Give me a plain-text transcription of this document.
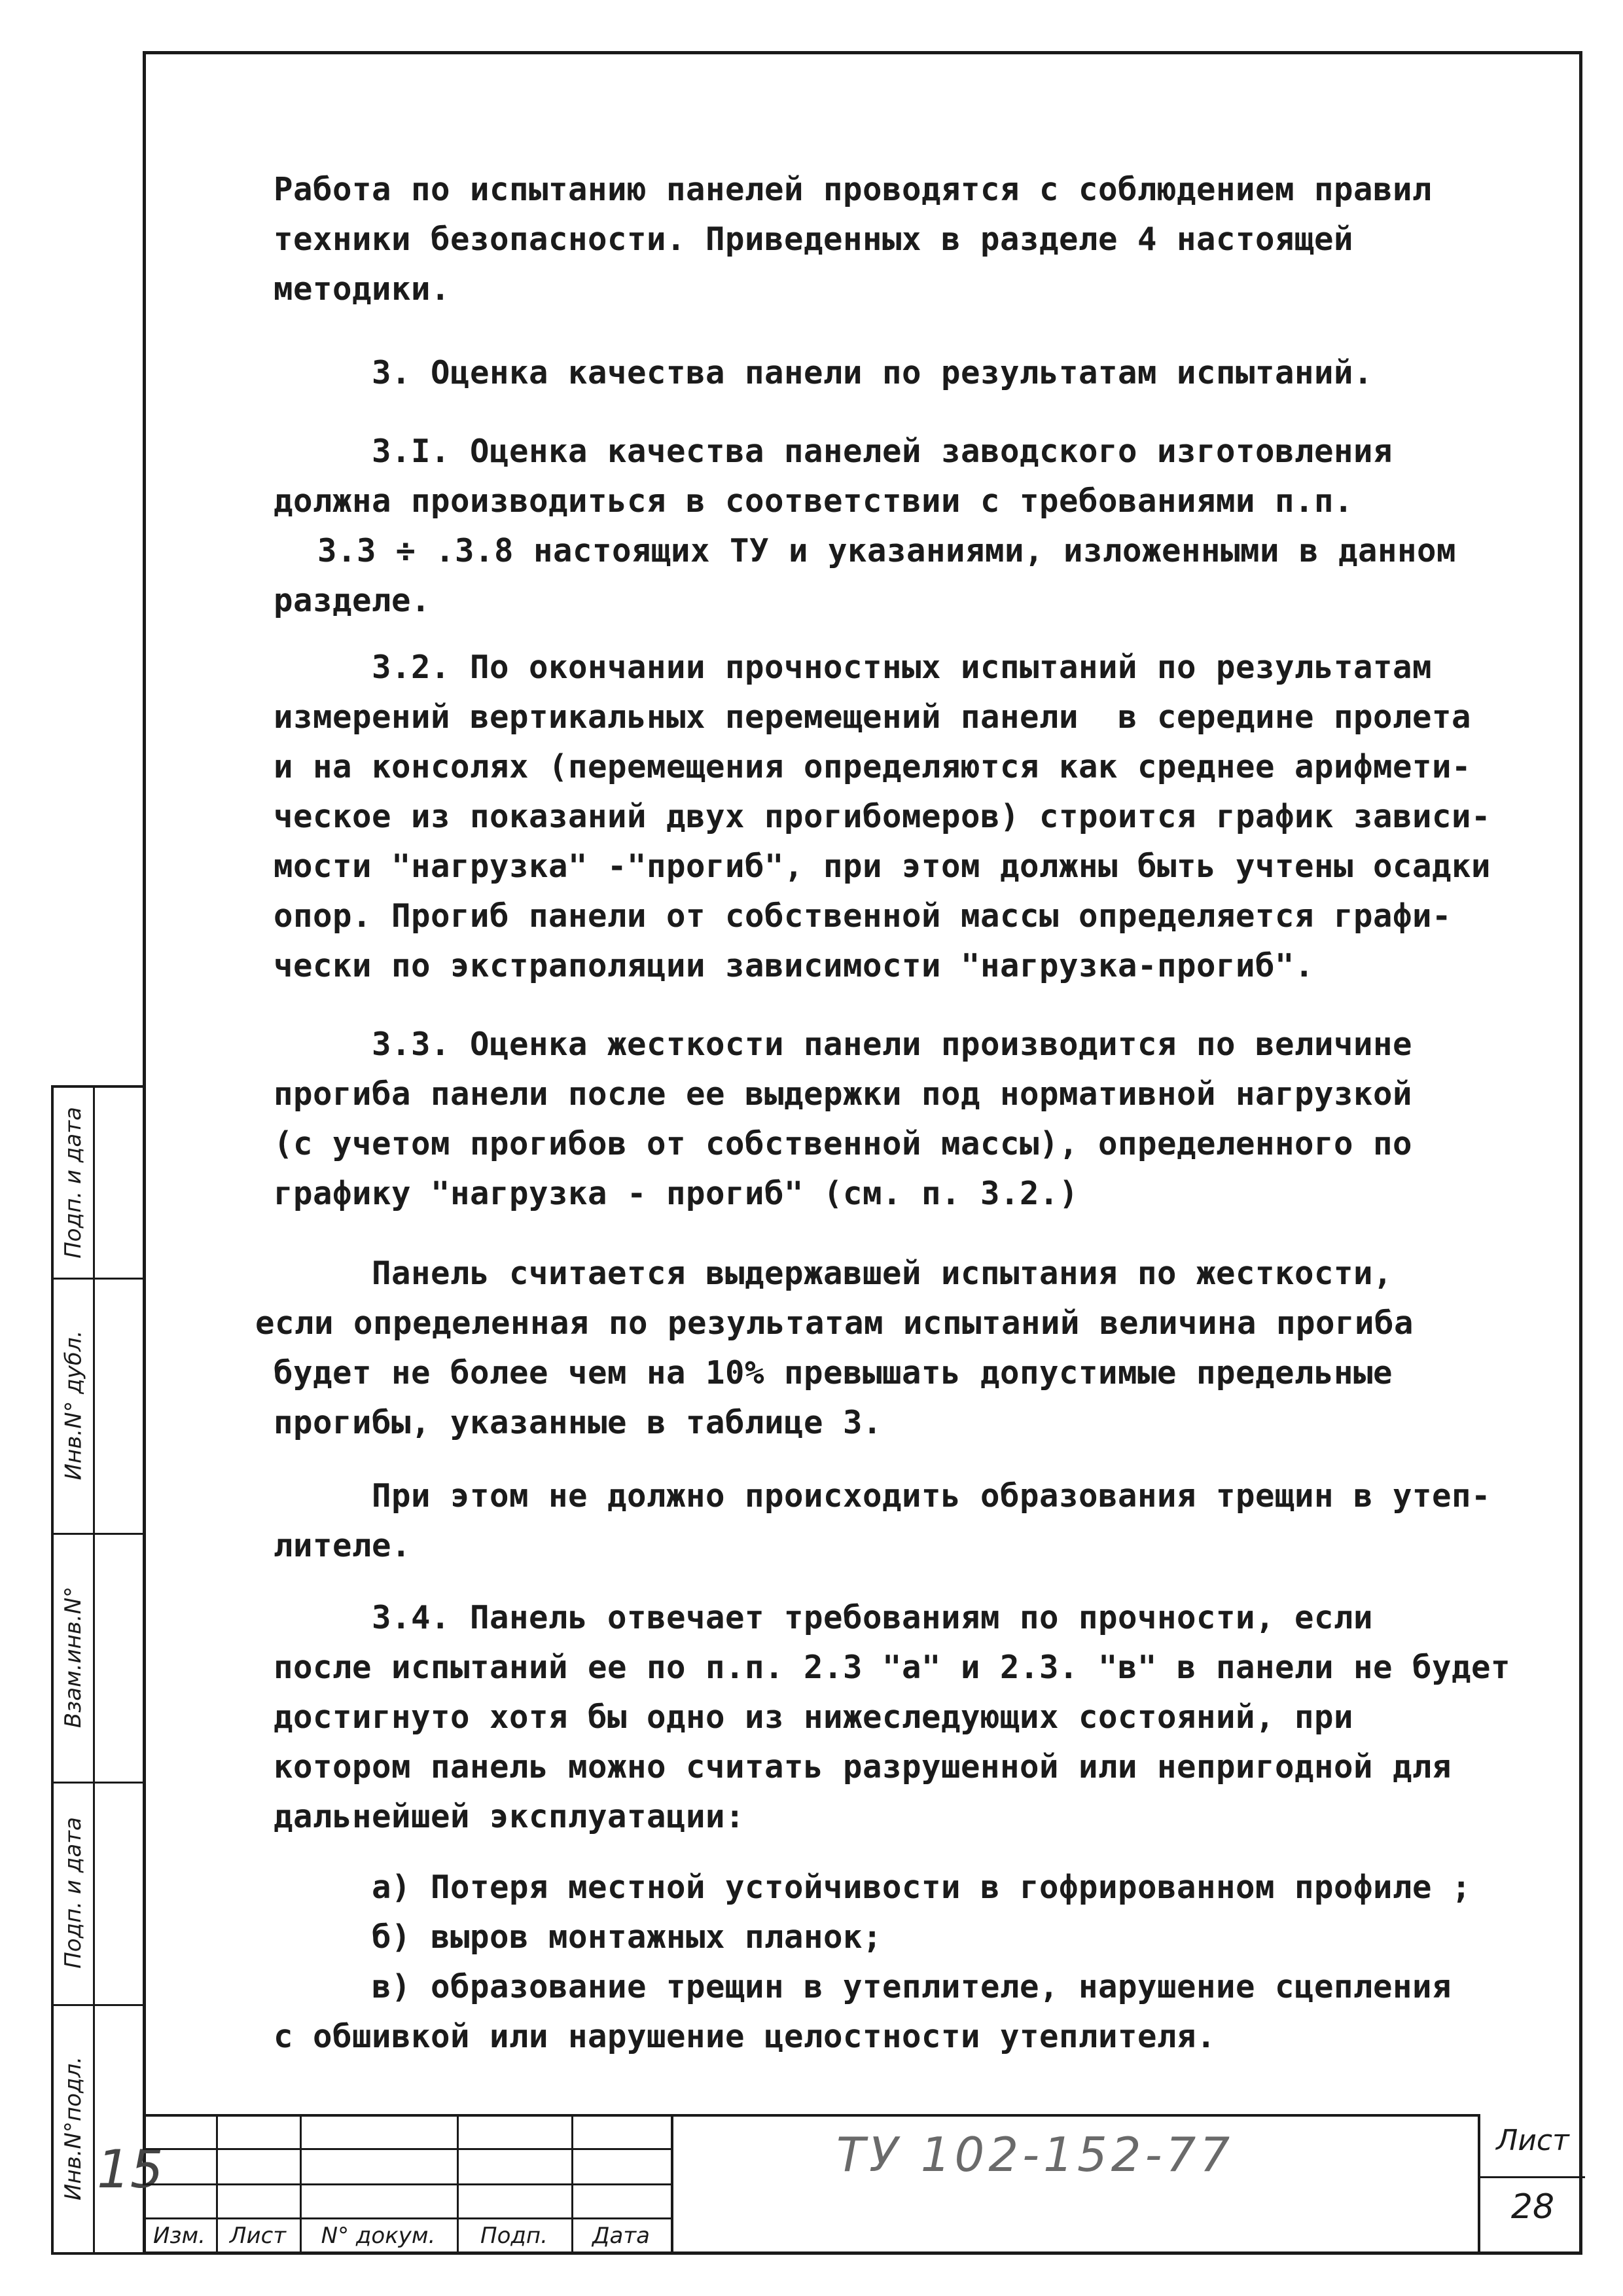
Инв.N°подл.
Подп. и дата
Взам.инв.N°
Инв.N° дубл.
Подп. и дата
Работа по испытанию панелей проводятся с соблюдением правил
техники безопасности. Приведенных в разделе 4 настоящей
методики.
3. Оценка качества панели по результатам испытаний.
3.I. Оценка качества панелей заводского изготовления
должна производиться в соответствии с требованиями п.п.
3.3 ÷ .3.8 настоящих ТУ и указаниями, изложенными в данном
разделе.
3.2. По окончании прочностных испытаний по результатам
измерений вертикальных перемещений панели  в середине пролета
и на консолях (перемещения определяются как среднее арифмети-
ческое из показаний двух прогибомеров) строится график зависи-
мости "нагрузка" -"прогиб", при этом должны быть учтены осадки
опор. Прогиб панели от собственной массы определяется графи-
чески по экстраполяции зависимости "нагрузка-прогиб".
3.3. Оценка жесткости панели производится по величине
прогиба панели после ее выдержки под нормативной нагрузкой
(с учетом прогибов от собственной массы), определенного по
графику "нагрузка - прогиб" (см. п. 3.2.)
Панель считается выдержавшей испытания по жесткости,
если определенная по результатам испытаний величина прогиба
будет не более чем на 10% превышать допустимые предельные
прогибы, указанные в таблице 3.
При этом не должно происходить образования трещин в утеп-
лителе.
3.4. Панель отвечает требованиям по прочности, если
после испытаний ее по п.п. 2.3 "а" и 2.3. "в" в панели не будет
достигнуто хотя бы одно из нижеследующих состояний, при
котором панель можно считать разрушенной или непригодной для
дальнейшей эксплуатации:
а) Потеря местной устойчивости в гофрированном профиле ;
б) выров монтажных планок;
в) образование трещин в утеплителе, нарушение сцепления
с обшивкой или нарушение целостности утеплителя.
15
Изм.	Лист	N° докум.	Подп.	Дата
ТУ 102-152-77	Лист
28
